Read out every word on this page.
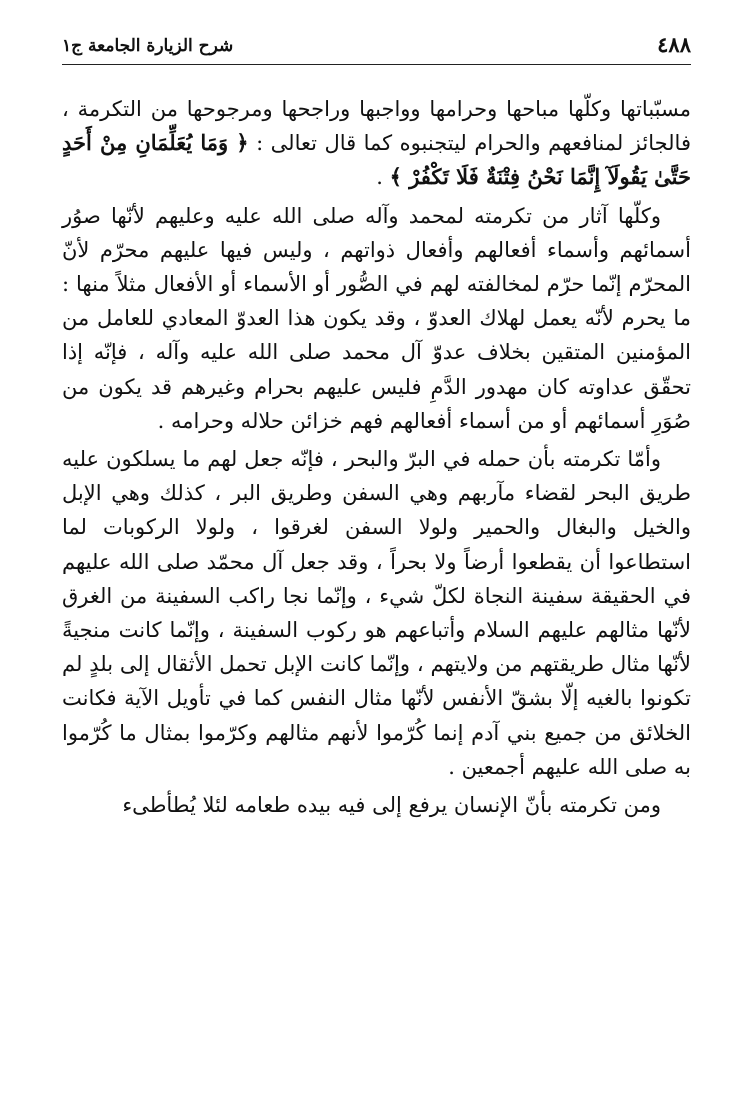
٤٨٨
شرح الزيارة الجامعة ج١

مسبّباتها وكلّها مباحها وحرامها وواجبها وراجحها ومرجوحها من التكرمة ، فالجائز لمنافعهم والحرام ليتجنبوه كما قال تعالى : ﴿ وَمَا يُعَلِّمَانِ مِنْ أَحَدٍ حَتَّىٰ يَقُولَآ إِنَّمَا نَحْنُ فِتْنَةٌ فَلَا تَكْفُرْ ﴾ .

وكلّها آثار من تكرمته لمحمد وآله صلى الله عليه وعليهم لأنّها صوُر أسمائهم وأسماء أفعالهم وأفعال ذواتهم ، وليس فيها عليهم محرّم لأنّ المحرّم إنّما حرّم لمخالفته لهم في الصُّور أو الأسماء أو الأفعال مثلاً منها : ما يحرم لأنّه يعمل لهلاك العدوّ ، وقد يكون هذا العدوّ المعادي للعامل من المؤمنين المتقين بخلاف عدوّ آل محمد صلى الله عليه وآله ، فإنّه إذا تحقّق عداوته كان مهدور الدَّمِ فليس عليهم بحرام وغيرهم قد يكون من صُوَرِ أسمائهم أو من أسماء أفعالهم فهم خزائن حلاله وحرامه .

وأمّا تكرمته بأن حمله في البرّ والبحر ، فإنّه جعل لهم ما يسلكون عليه طريق البحر لقضاء مآربهم وهي السفن وطريق البر ، كذلك وهي الإبل والخيل والبغال والحمير ولولا السفن لغرقوا ، ولولا الركوبات لما استطاعوا أن يقطعوا أرضاً ولا بحراً ، وقد جعل آل محمّد صلى الله عليهم في الحقيقة سفينة النجاة لكلّ شيء ، وإنّما نجا راكب السفينة من الغرق لأنّها مثالهم عليهم السلام وأتباعهم هو ركوب السفينة ، وإنّما كانت منجيةً لأنّها مثال طريقتهم من ولايتهم ، وإنّما كانت الإبل تحمل الأثقال إلى بلدٍ لم تكونوا بالغيه إلّا بشقّ الأنفس لأنّها مثال النفس كما في تأويل الآية فكانت الخلائق من جميع بني آدم إنما كُرّموا لأنهم مثالهم وكرّموا بمثال ما كُرّموا به صلى الله عليهم أجمعين .

ومن تكرمته بأنّ الإنسان يرفع إلى فيه بيده طعامه لئلا يُطأطىء
